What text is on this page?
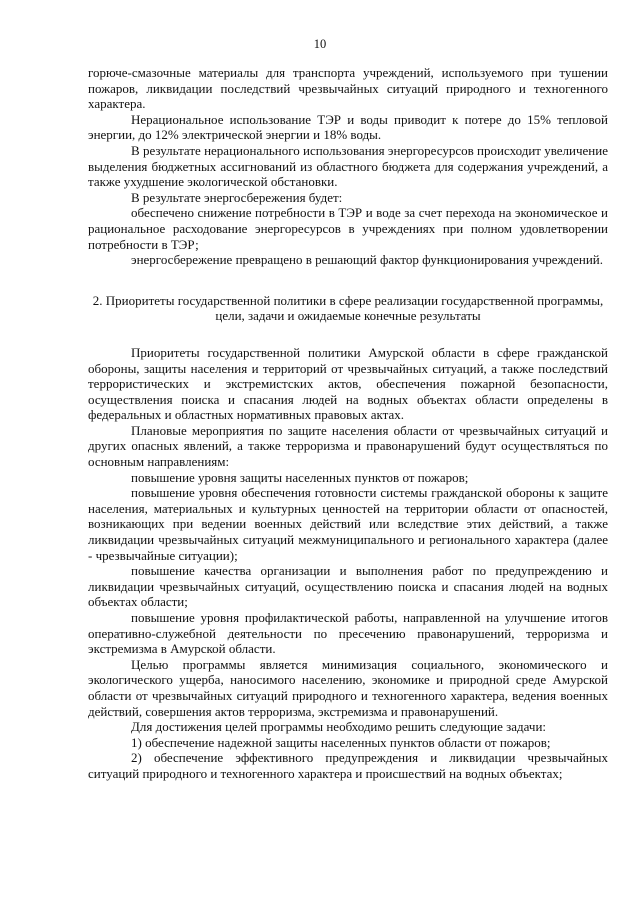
10

горюче-смазочные материалы для транспорта учреждений, используемого при тушении пожаров, ликвидации последствий чрезвычайных ситуаций природного и техногенного характера.

Нерациональное использование ТЭР и воды приводит к потере до 15% тепловой энергии, до 12% электрической энергии и 18% воды.

В результате нерационального использования энергоресурсов происходит увеличение выделения бюджетных ассигнований из областного бюджета для содержания учреждений, а также ухудшение экологической обстановки.

В результате энергосбережения будет:

обеспечено снижение потребности в ТЭР и воде за счет перехода на экономическое и рациональное расходование энергоресурсов в учреждениях при полном удовлетворении потребности в ТЭР;

энергосбережение превращено в решающий фактор функционирования учреждений.

2. Приоритеты государственной политики в сфере реализации государственной программы, цели, задачи и ожидаемые конечные результаты

Приоритеты государственной политики Амурской области в сфере гражданской обороны, защиты населения и территорий от чрезвычайных ситуаций, а также последствий террористических и экстремистских актов, обеспечения пожарной безопасности, осуществления поиска и спасания людей на водных объектах области определены в федеральных и областных нормативных правовых актах.

Плановые мероприятия по защите населения области от чрезвычайных ситуаций и других опасных явлений, а также терроризма и правонарушений будут осуществляться по основным направлениям:

повышение уровня защиты населенных пунктов от пожаров;

повышение уровня обеспечения готовности системы гражданской обороны к защите населения, материальных и культурных ценностей на территории области от опасностей, возникающих при ведении военных действий или вследствие этих действий, а также ликвидации чрезвычайных ситуаций межмуниципального и регионального характера (далее - чрезвычайные ситуации);

повышение качества организации и выполнения работ по предупреждению и ликвидации чрезвычайных ситуаций, осуществлению поиска и спасания людей на водных объектах области;

повышение уровня профилактической работы, направленной на улучшение итогов оперативно-служебной деятельности по пресечению правонарушений, терроризма и экстремизма в Амурской области.

Целью программы является минимизация социального, экономического и экологического ущерба, наносимого населению, экономике и природной среде Амурской области от чрезвычайных ситуаций природного и техногенного характера, ведения военных действий, совершения актов терроризма, экстремизма и правонарушений.

Для достижения целей программы необходимо решить следующие задачи:

1) обеспечение надежной защиты населенных пунктов области от пожаров;

2) обеспечение эффективного предупреждения и ликвидации чрезвычайных ситуаций природного и техногенного характера и происшествий на водных объектах;
